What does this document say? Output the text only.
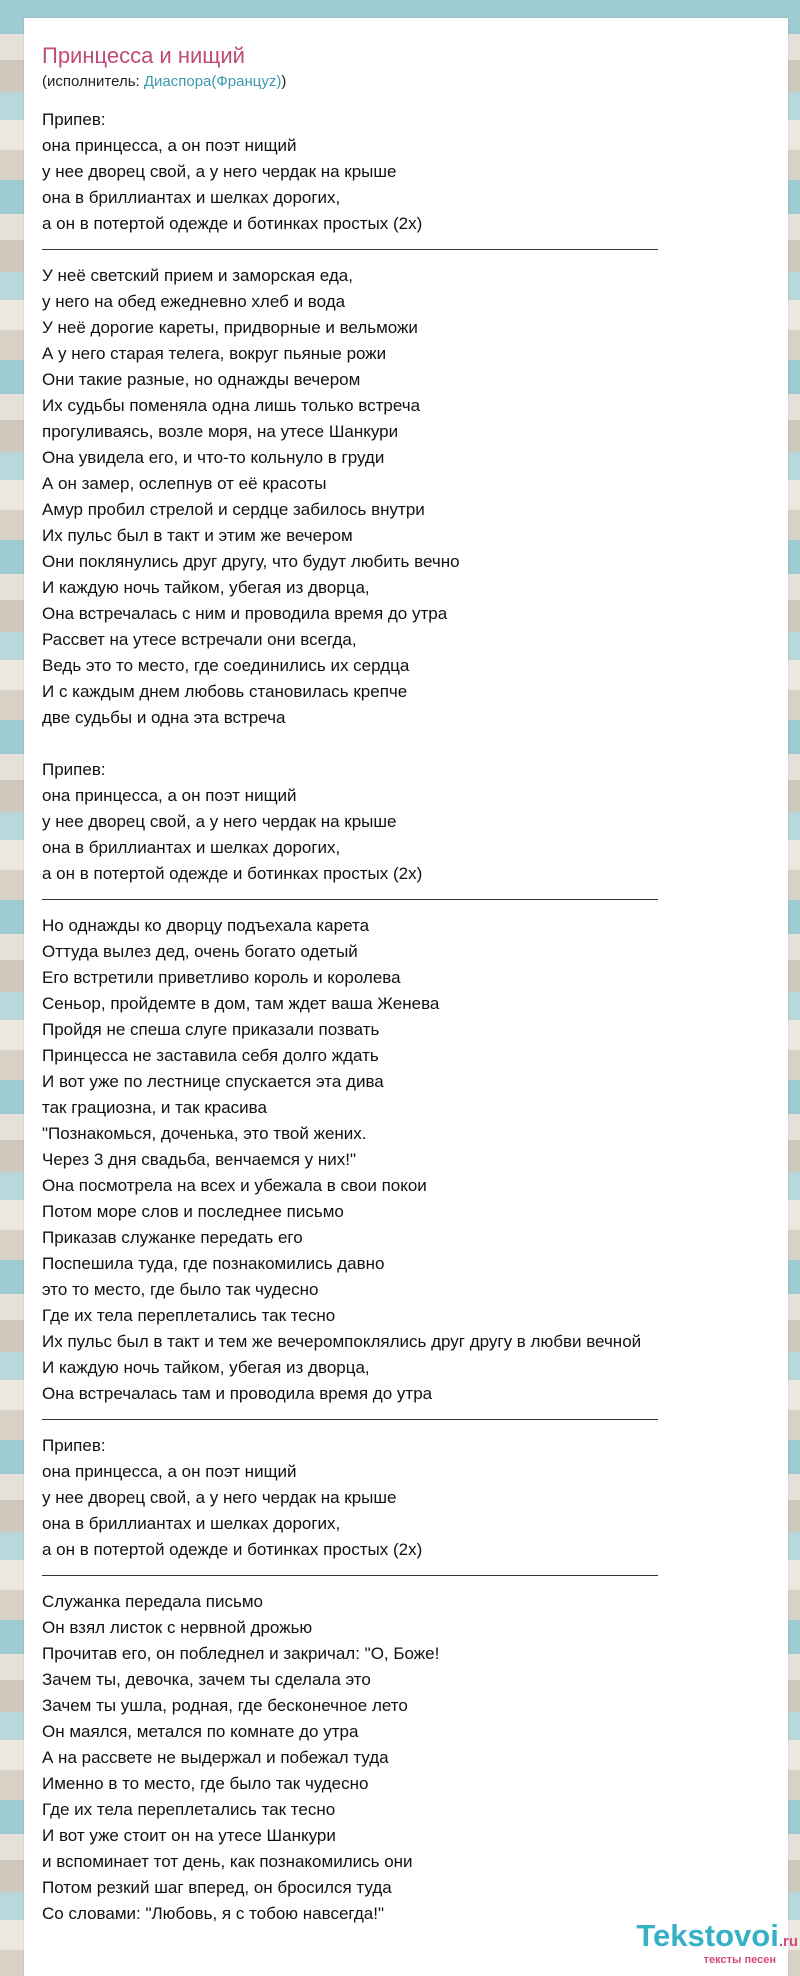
Принцесса и нищий
(исполнитель: Диаспора(Францyz))
Припев:
она принцесса, а он поэт нищий
у нее дворец свой, а у него чердак на крыше
она в бриллиантах и шелках дорогих,
а он в потертой одежде и ботинках простых (2х)
У неё светский прием и заморская еда,
у него на обед ежедневно хлеб и вода
У неё дорогие кареты, придворные и вельможи
А у него старая телега, вокруг пьяные рожи
Они такие разные, но однажды вечером
Их судьбы поменяла одна лишь только встреча
прогуливаясь, возле моря, на утесе Шанкури
Она увидела его, и что-то кольнуло в груди
А он замер, ослепнув от её красоты
Амур пробил стрелой и сердце забилось внутри
Их пульс был в такт и этим же вечером
Они поклянулись друг другу, что будут любить вечно
И каждую ночь тайком, убегая из дворца,
Она встречалась с ним и проводила время до утра
Рассвет на утесе встречали они всегда,
Ведь это то место, где соединились их сердца
И с каждым днем любовь становилась крепче
две судьбы и одна эта встреча
Припев:
она принцесса, а он поэт нищий
у нее дворец свой, а у него чердак на крыше
она в бриллиантах и шелках дорогих,
а он в потертой одежде и ботинках простых (2х)
Но однажды ко дворцу подъехала карета
Оттуда вылез дед, очень богато одетый
Его встретили приветливо король и королева
Сеньор, пройдемте в дом, там ждет ваша Женева
Пройдя не спеша слуге приказали позвать
Принцесса не заставила себя долго ждать
И вот уже по лестнице спускается эта дива
так грациозна, и так красива
"Познакомься, доченька, это твой жених.
Через 3 дня свадьба, венчаемся у них!"
Она посмотрела на всех и убежала в свои покои
Потом море слов и последнее письмо
Приказав служанке передать его
Поспешила туда, где познакомились давно
это то место, где было так чудесно
Где их тела переплетались так тесно
Их пульс был в такт и тем же вечеромпоклялись друг другу в любви вечной
И каждую ночь тайком, убегая из дворца,
Она встречалась там и проводила время до утра
Припев:
она принцесса, а он поэт нищий
у нее дворец свой, а у него чердак на крыше
она в бриллиантах и шелках дорогих,
а он в потертой одежде и ботинках простых (2х)
Служанка передала письмо
Он взял листок с нервной дрожью
Прочитав его, он побледнел и закричал: "О, Боже!
Зачем ты, девочка, зачем ты сделала это
Зачем ты ушла, родная, где бесконечное лето
Он маялся, метался по комнате до утра
А на рассвете не выдержал и побежал туда
Именно в то место, где было так чудесно
Где их тела переплетались так тесно
И вот уже стоит он на утесе Шанкури
и вспоминает тот день, как познакомились они
Потом резкий шаг вперед, он бросился туда
Со словами: "Любовь, я с тобою навсегда!"
Tekstovoi.ru
тексты песен
